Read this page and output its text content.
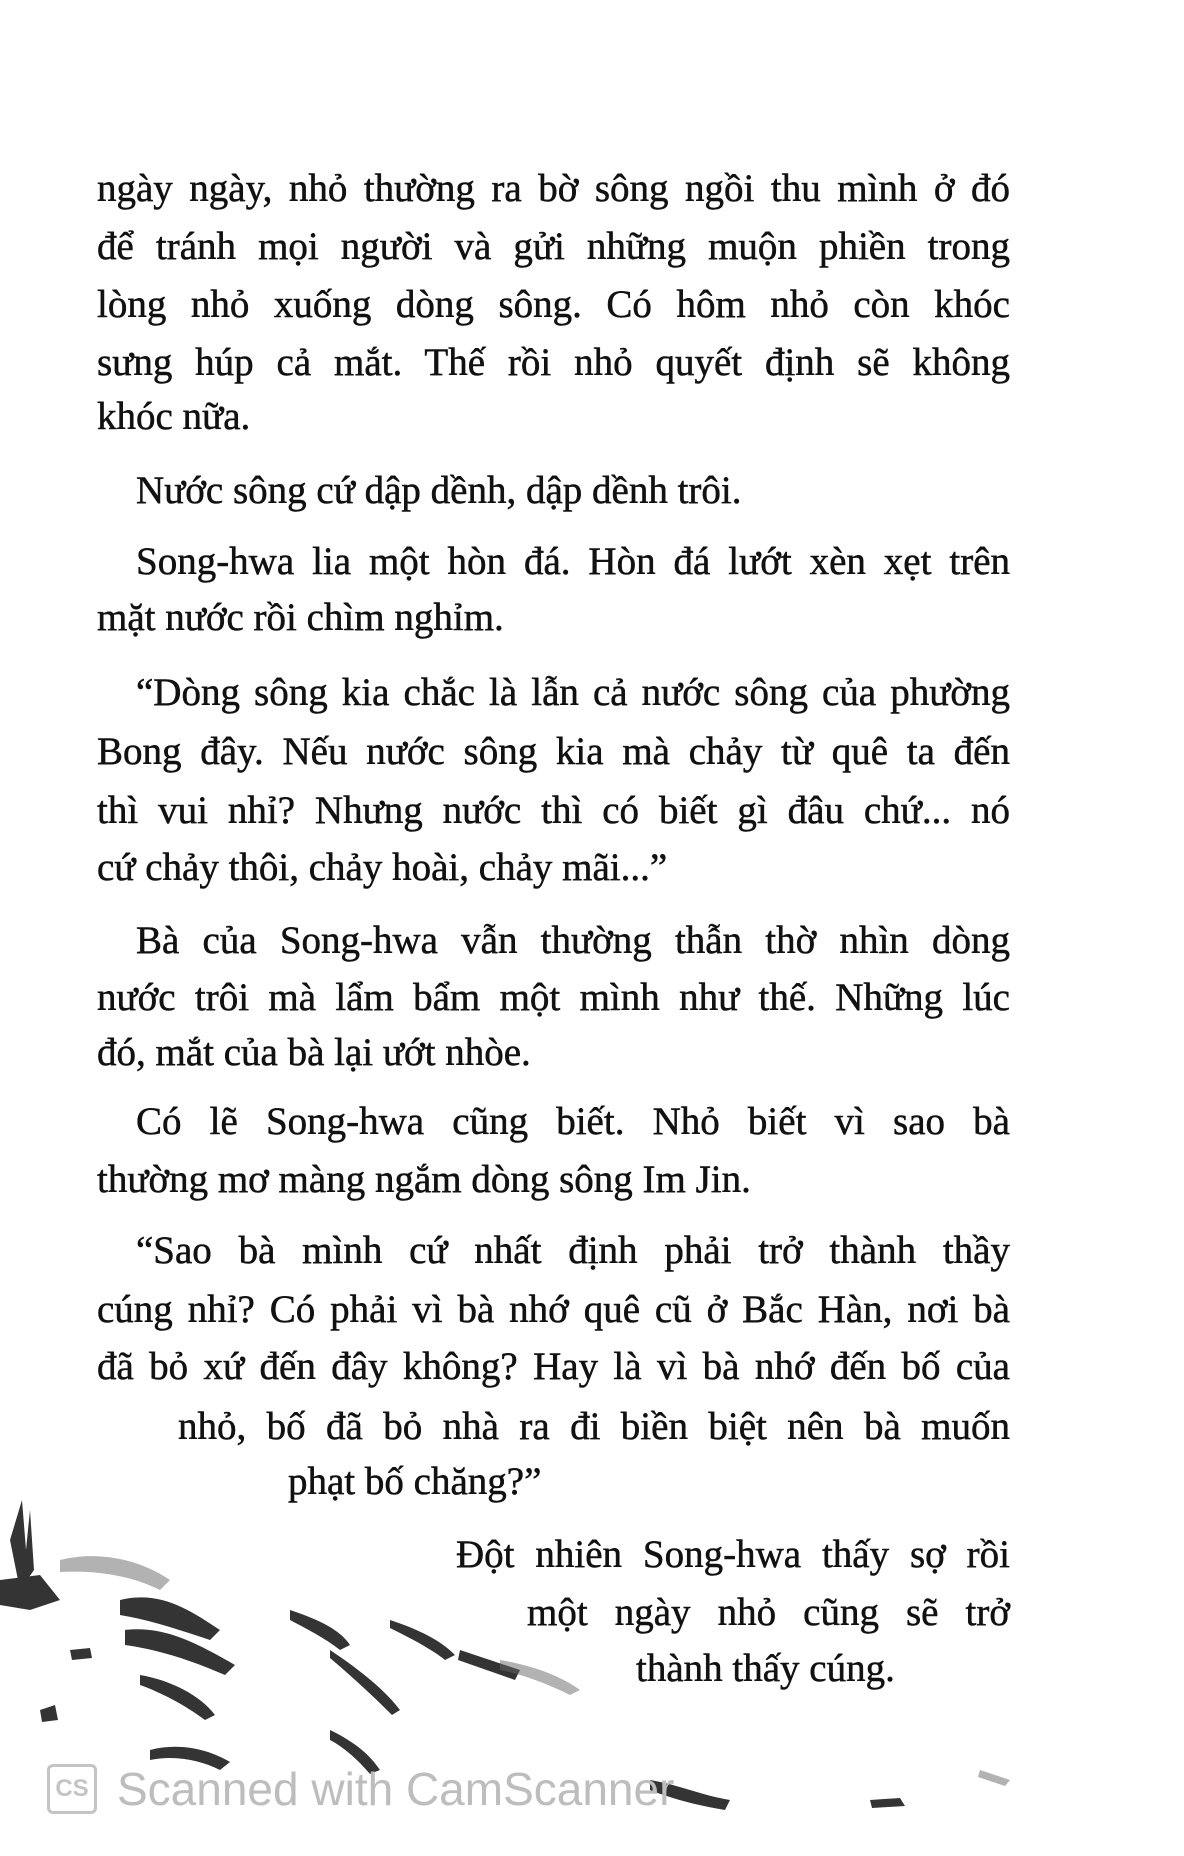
ngày ngày, nhỏ thường ra bờ sông ngồi thu mình ở đó
để tránh mọi người và gửi những muộn phiền trong
lòng nhỏ xuống dòng sông. Có hôm nhỏ còn khóc
sưng húp cả mắt. Thế rồi nhỏ quyết định sẽ không
khóc nữa.
Nước sông cứ dập dềnh, dập dềnh trôi.
Song-hwa lia một hòn đá. Hòn đá lướt xèn xẹt trên
mặt nước rồi chìm nghỉm.
“Dòng sông kia chắc là lẫn cả nước sông của phường
Bong đây. Nếu nước sông kia mà chảy từ quê ta đến
thì vui nhỉ? Nhưng nước thì có biết gì đâu chứ... nó
cứ chảy thôi, chảy hoài, chảy mãi...”
Bà của Song-hwa vẫn thường thẫn thờ nhìn dòng
nước trôi mà lẩm bẩm một mình như thế. Những lúc
đó, mắt của bà lại ướt nhòe.
Có lẽ Song-hwa cũng biết. Nhỏ biết vì sao bà
thường mơ màng ngắm dòng sông Im Jin.
“Sao bà mình cứ nhất định phải trở thành thầy
cúng nhỉ? Có phải vì bà nhớ quê cũ ở Bắc Hàn, nơi bà
đã bỏ xứ đến đây không? Hay là vì bà nhớ đến bố của
nhỏ, bố đã bỏ nhà ra đi biền biệt nên bà muốn
phạt bố chăng?”
Đột nhiên Song-hwa thấy sợ rồi
một ngày nhỏ cũng sẽ trở
thành thấy cúng.
CS Scanned with CamScanner
